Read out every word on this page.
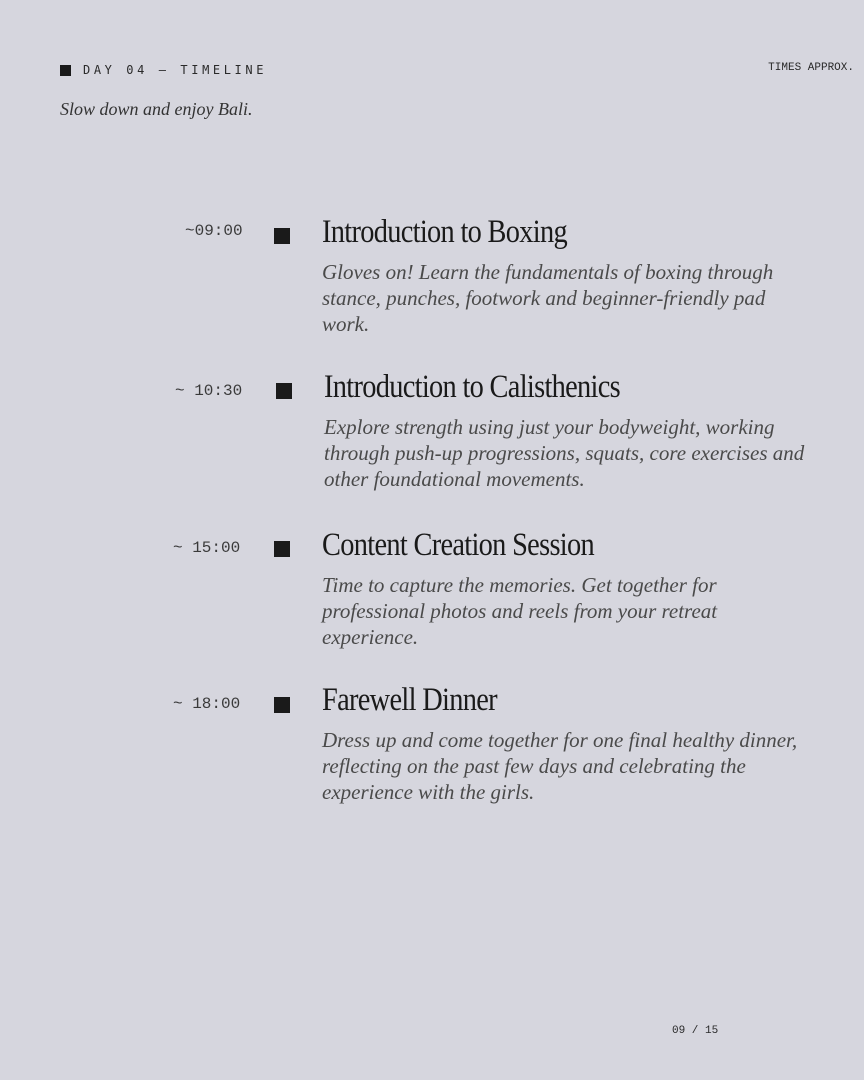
DAY 04 — TIMELINE	TIMES APPROX.
Slow down and enjoy Bali.
~09:00 Introduction to Boxing
Gloves on! Learn the fundamentals of boxing through stance, punches, footwork and beginner-friendly pad work.
~ 10:30 Introduction to Calisthenics
Explore strength using just your bodyweight, working through push-up progressions, squats, core exercises and other foundational movements.
~ 15:00 Content Creation Session
Time to capture the memories. Get together for professional photos and reels from your retreat experience.
~ 18:00 Farewell Dinner
Dress up and come together for one final healthy dinner, reflecting on the past few days and celebrating the experience with the girls.
09 / 15
